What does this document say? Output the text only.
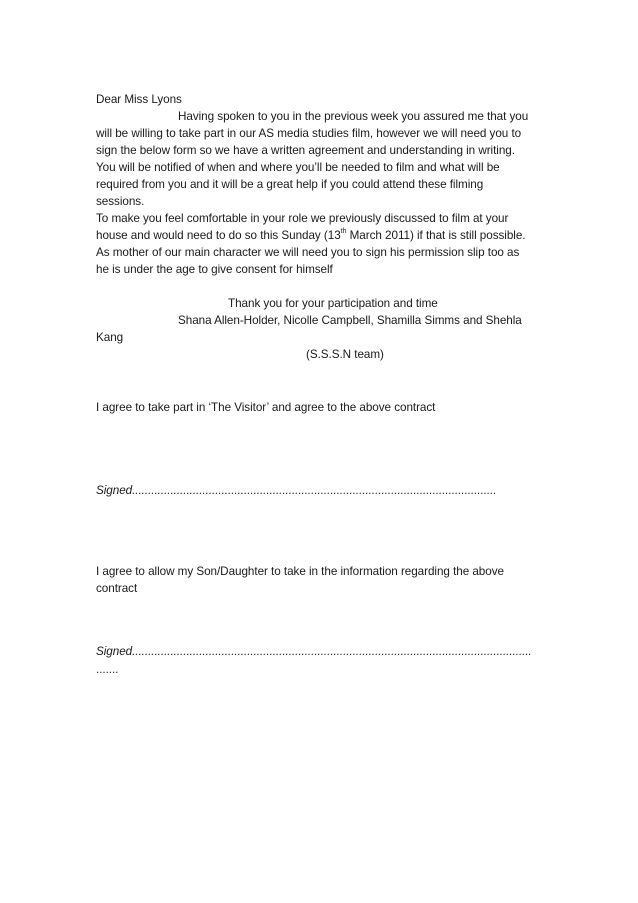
Dear Miss Lyons
Having spoken to you in the previous week you assured me that you
will be willing to take part in our AS media studies film, however we will need you to
sign the below form so we have a written agreement and understanding in writing.
You will be notified of when and where you’ll be needed to film and what will be
required from you and it will be a great help if you could attend these filming
sessions.
To make you feel comfortable in your role we previously discussed to film at your
house and would need to do so this Sunday (13th March 2011) if that is still possible.
As mother of our main character we will need you to sign his permission slip too as
he is under the age to give consent for himself
Thank you for your participation and time
Shana Allen-Holder, Nicolle Campbell, Shamilla Simms and Shehla
Kang
(S.S.S.N team)
I agree to take part in ‘The Visitor’ and agree to the above contract
Signed..................................................................................................................
I agree to allow my Son/Daughter to take in the information regarding the above
contract
Signed.............................................................................................................................
.......
